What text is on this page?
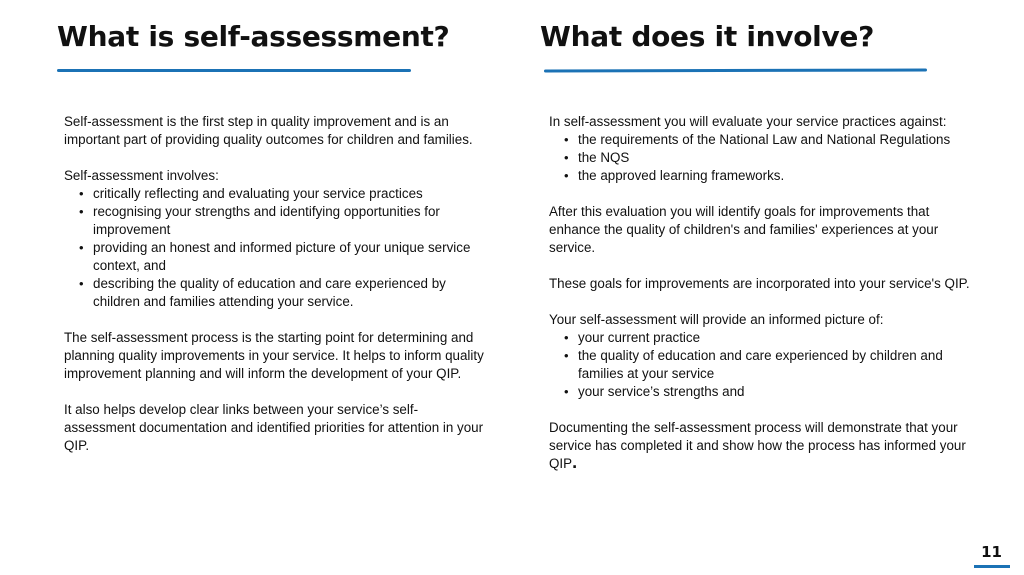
What is self-assessment?	What does it involve?

Self-assessment is the first step in quality improvement and is an important part of providing quality outcomes for children and families.

Self-assessment involves:

• critically reflecting and evaluating your service practices
• recognising your strengths and identifying opportunities for improvement
• providing an honest and informed picture of your unique service context, and
• describing the quality of education and care experienced by children and families attending your service.

The self-assessment process is the starting point for determining and planning quality improvements in your service. It helps to inform quality improvement planning and will inform the development of your QIP.

It also helps develop clear links between your service’s self-assessment documentation and identified priorities for attention in your QIP.

In self-assessment you will evaluate your service practices against:

• the requirements of the National Law and National Regulations
• the NQS
• the approved learning frameworks.

After this evaluation you will identify goals for improvements that enhance the quality of children's and families' experiences at your service.

These goals for improvements are incorporated into your service's QIP.

Your self-assessment will provide an informed picture of:

• your current practice
• the quality of education and care experienced by children and families at your service
• your service’s strengths and

Documenting the self-assessment process will demonstrate that your service has completed it and show how the process has informed your QIP.

11
